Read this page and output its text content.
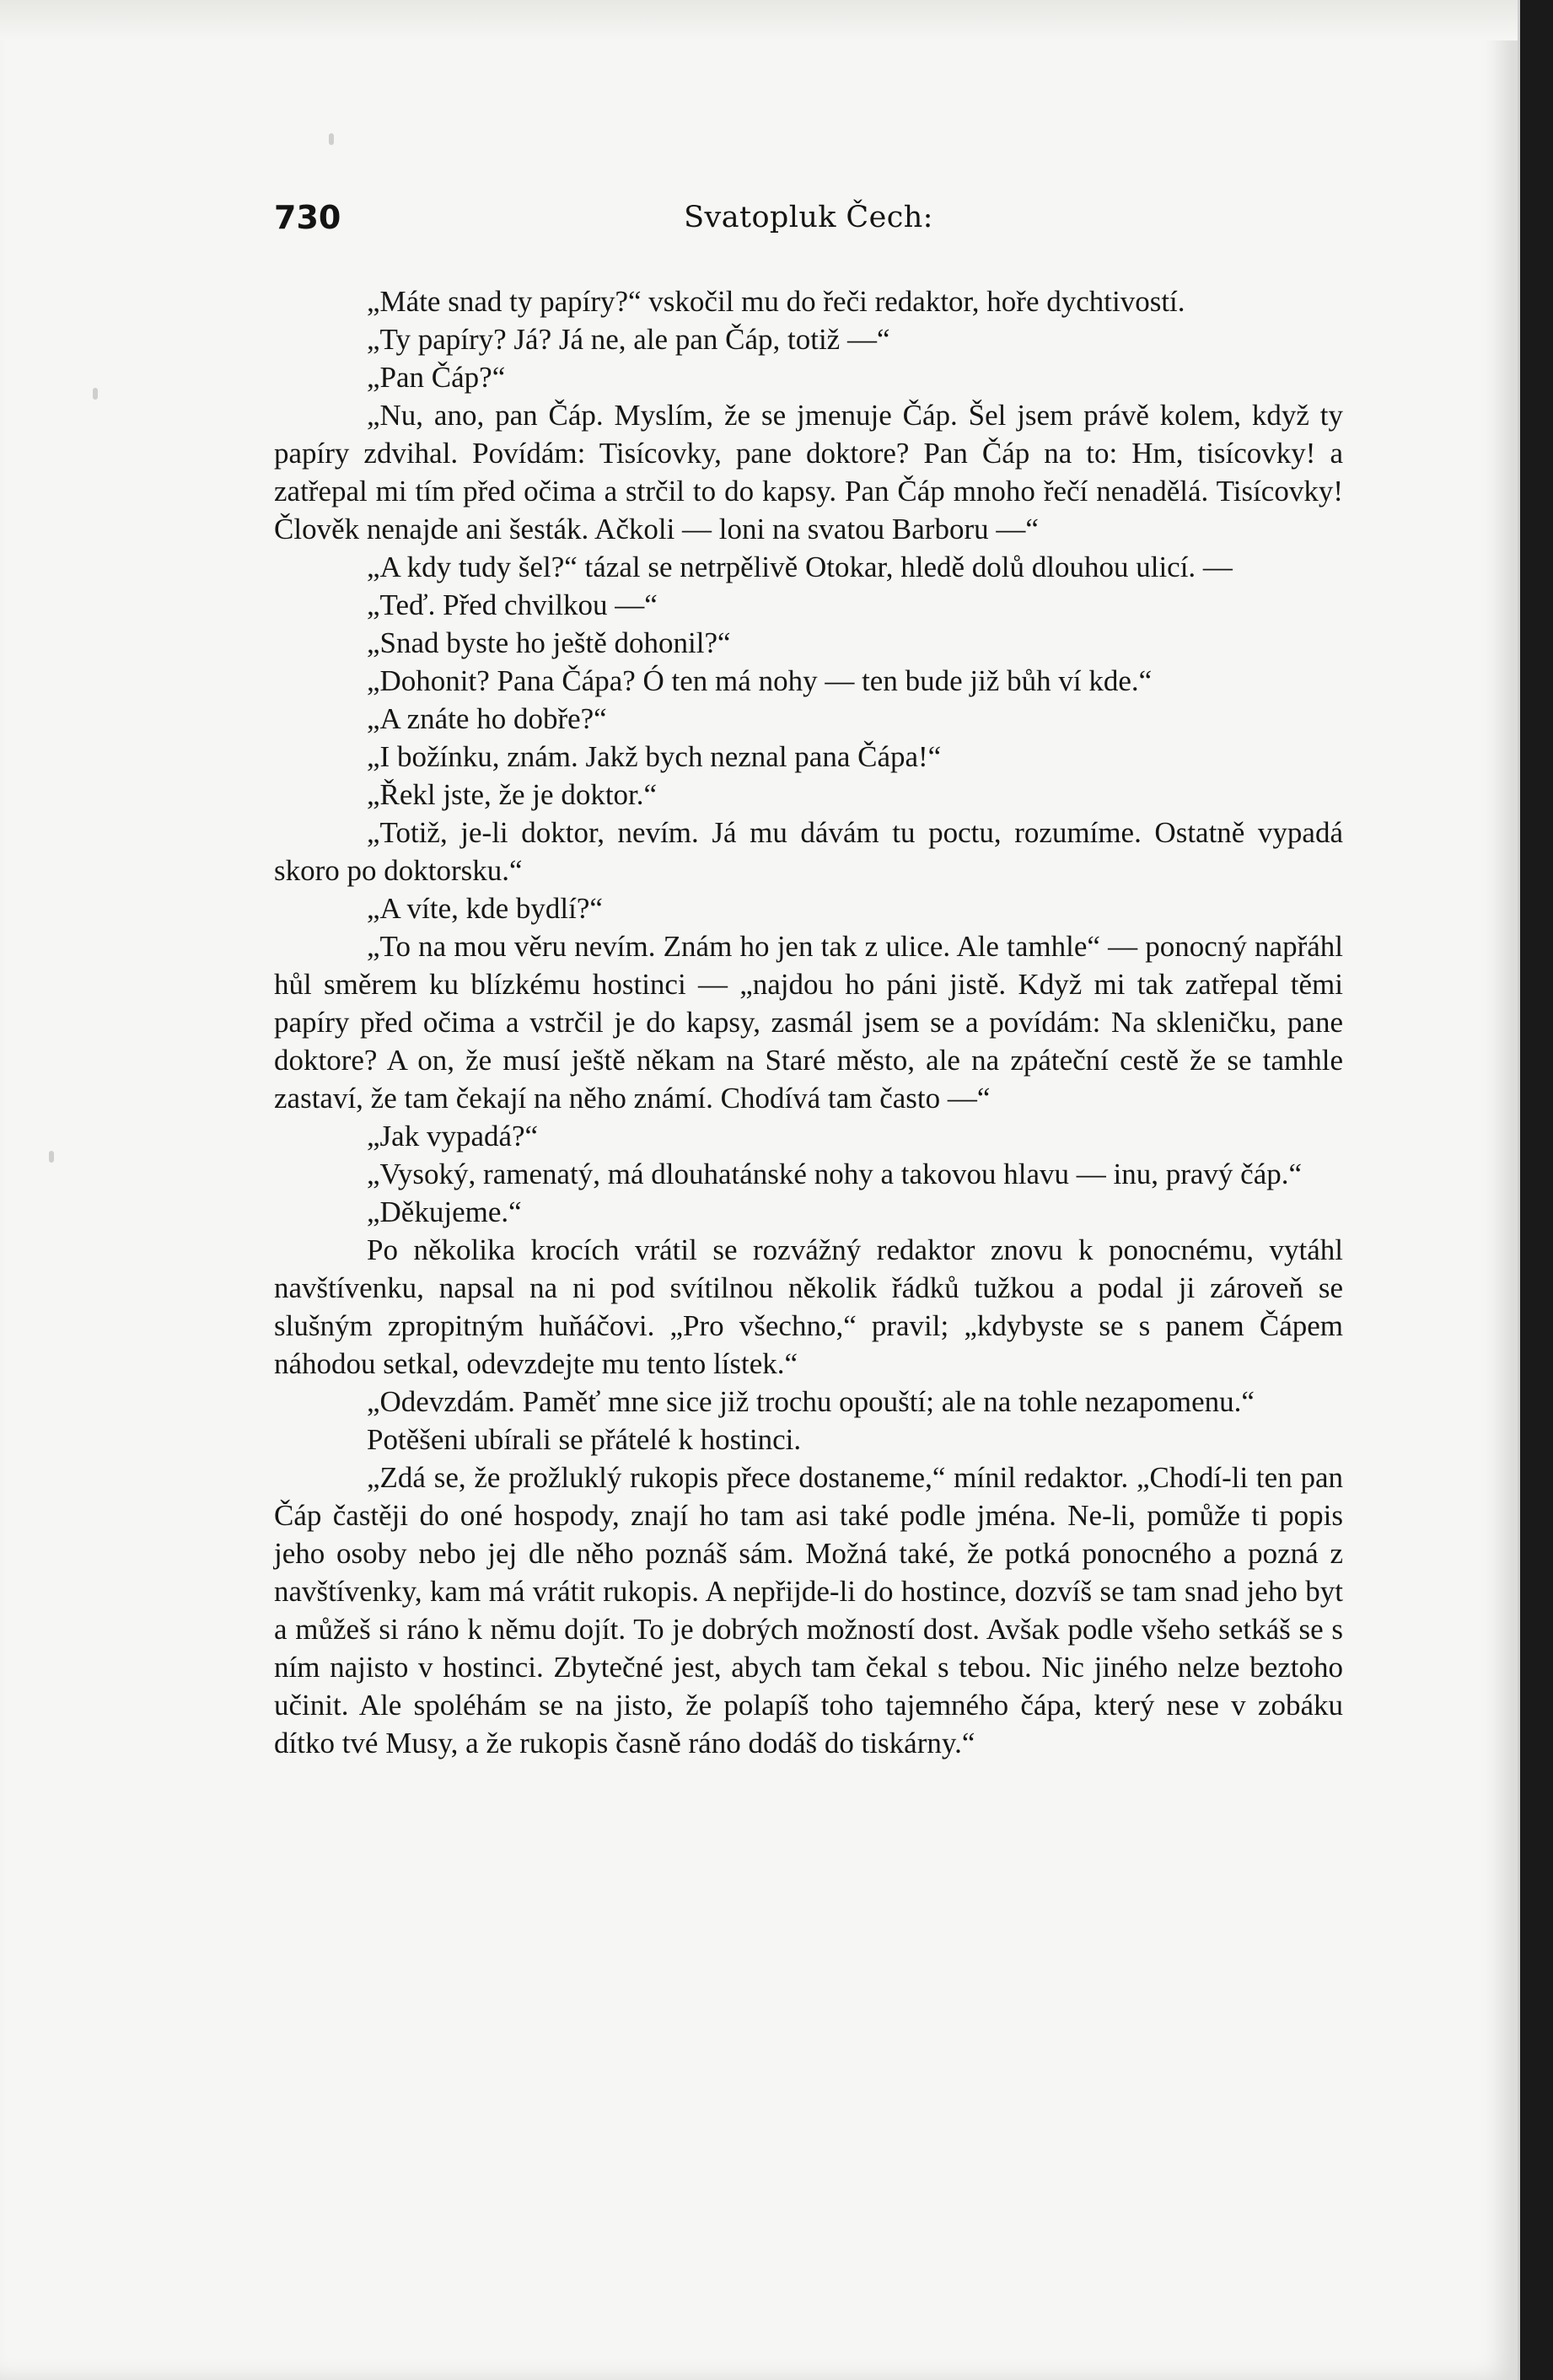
730	Svatopluk Čech:

„Máte snad ty papíry?“ vskočil mu do řeči redaktor, hoře dychtivostí.

„Ty papíry? Já? Já ne, ale pan Čáp, totiž —“

„Pan Čáp?“

„Nu, ano, pan Čáp. Myslím, že se jmenuje Čáp. Šel jsem právě kolem, když ty papíry zdvihal. Povídám: Tisícovky, pane doktore? Pan Čáp na to: Hm, tisícovky! a zatřepal mi tím před očima a strčil to do kapsy. Pan Čáp mnoho řečí nenadělá. Tisícovky! Člověk nenajde ani šesták. Ačkoli — loni na svatou Barboru —“

„A kdy tudy šel?“ tázal se netrpělivě Otokar, hledě dolů dlouhou ulicí. —

„Teď. Před chvilkou —“

„Snad byste ho ještě dohonil?“

„Dohonit? Pana Čápa? Ó ten má nohy — ten bude již bůh ví kde.“

„A znáte ho dobře?“

„I božínku, znám. Jakž bych neznal pana Čápa!“

„Řekl jste, že je doktor.“

„Totiž, je-li doktor, nevím. Já mu dávám tu poctu, rozumíme. Ostatně vypadá skoro po doktorsku.“

„A víte, kde bydlí?“

„To na mou věru nevím. Znám ho jen tak z ulice. Ale tamhle“ — ponocný napřáhl hůl směrem ku blízkému hostinci — „najdou ho páni jistě. Když mi tak zatřepal těmi papíry před očima a vstrčil je do kapsy, zasmál jsem se a povídám: Na skleničku, pane doktore? A on, že musí ještě někam na Staré město, ale na zpáteční cestě že se tamhle zastaví, že tam čekají na něho známí. Chodívá tam často —“

„Jak vypadá?“

„Vysoký, ramenatý, má dlouhatánské nohy a takovou hlavu — inu, pravý čáp.“

„Děkujeme.“

Po několika krocích vrátil se rozvážný redaktor znovu k ponocnému, vytáhl navštívenku, napsal na ni pod svítilnou několik řádků tužkou a podal ji zároveň se slušným zpropitným huňáčovi. „Pro všechno,“ pravil; „kdybyste se s panem Čápem náhodou setkal, odevzdejte mu tento lístek.“

„Odevzdám. Paměť mne sice již trochu opouští; ale na tohle nezapomenu.“

Potěšeni ubírali se přátelé k hostinci.

„Zdá se, že prožluklý rukopis přece dostaneme,“ mínil redaktor. „Chodí-li ten pan Čáp častěji do oné hospody, znají ho tam asi také podle jména. Ne-li, pomůže ti popis jeho osoby nebo jej dle něho poznáš sám. Možná také, že potká ponocného a pozná z navštívenky, kam má vrátit rukopis. A nepřijde-li do hostince, dozvíš se tam snad jeho byt a můžeš si ráno k němu dojít. To je dobrých možností dost. Avšak podle všeho setkáš se s ním najisto v hostinci. Zbytečné jest, abych tam čekal s tebou. Nic jiného nelze beztoho učinit. Ale spoléhám se na jisto, že polapíš toho tajemného čápa, který nese v zobáku dítko tvé Musy, a že rukopis časně ráno dodáš do tiskárny.“
